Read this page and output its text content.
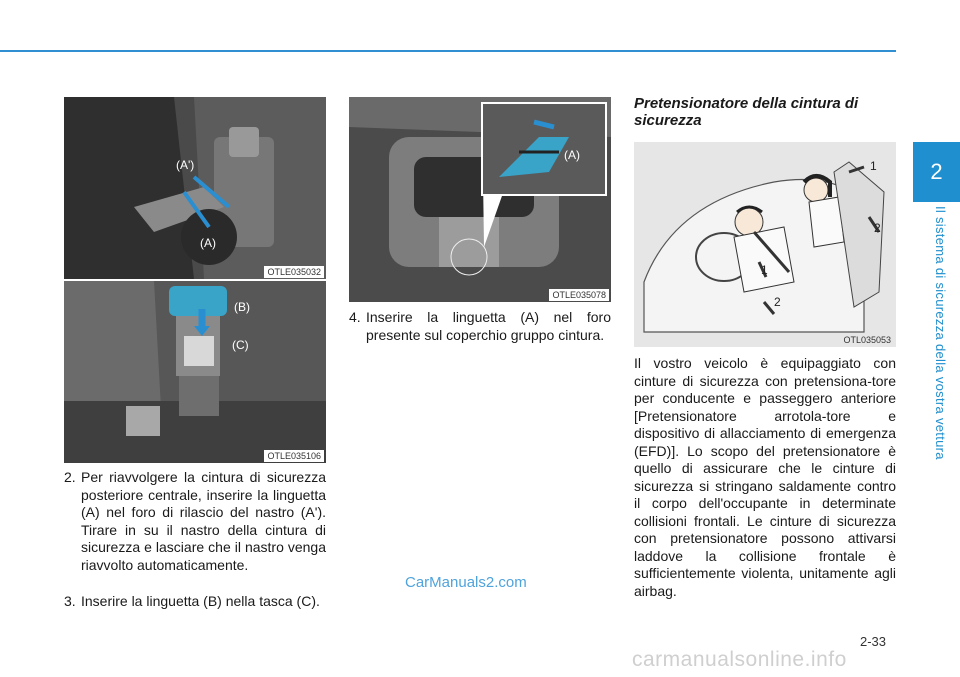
2
Il sistema di sicurezza della vostra vettura
(A')
(A)
OTLE035032
(B)
(C)
OTLE035106
(A)
OTLE035078
1
2
1
2
OTL035053
2. Per riavvolgere la cintura di sicurezza posteriore centrale, inserire la linguetta (A) nel foro di rilascio del nastro (A'). Tirare in su il nastro della cintura di sicurezza e lasciare che il nastro venga riavvolto automaticamente.
3. Inserire la linguetta (B) nella tasca (C).
4. Inserire la linguetta (A) nel foro presente sul coperchio gruppo cintura.
Pretensionatore della cintura di sicurezza
Il vostro veicolo è equipaggiato con cinture di sicurezza con pretensiona-tore per conducente e passeggero anteriore [Pretensionatore arrotola-tore e dispositivo di allacciamento di emergenza (EFD)]. Lo scopo del pretensionatore è quello di assicurare che le cinture di sicurezza si stringano saldamente contro il corpo dell'occupante in determinate collisioni frontali. Le cinture di sicurezza con pretensionatore possono attivarsi laddove la collisione frontale è sufficientemente violenta, unitamente agli airbag.
CarManuals2.com
2-33
carmanualsonline.info
